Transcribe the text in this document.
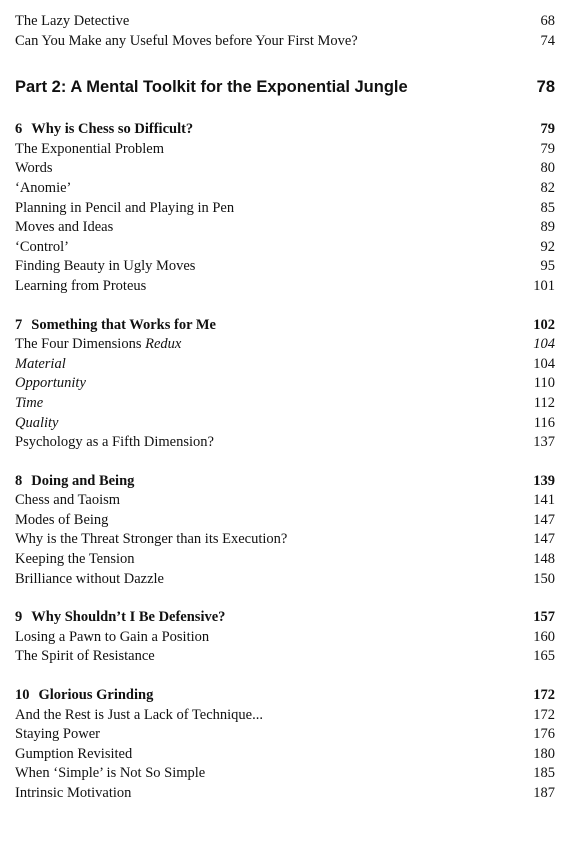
The Lazy Detective	68
Can You Make any Useful Moves before Your First Move?	74
Part 2: A Mental Toolkit for the Exponential Jungle	78
6 Why is Chess so Difficult?	79
The Exponential Problem	79
Words	80
‘Anomie’	82
Planning in Pencil and Playing in Pen	85
Moves and Ideas	89
‘Control’	92
Finding Beauty in Ugly Moves	95
Learning from Proteus	101
7 Something that Works for Me	102
The Four Dimensions Redux	104
Material	104
Opportunity	110
Time	112
Quality	116
Psychology as a Fifth Dimension?	137
8 Doing and Being	139
Chess and Taoism	141
Modes of Being	147
Why is the Threat Stronger than its Execution?	147
Keeping the Tension	148
Brilliance without Dazzle	150
9 Why Shouldn’t I Be Defensive?	157
Losing a Pawn to Gain a Position	160
The Spirit of Resistance	165
10 Glorious Grinding	172
And the Rest is Just a Lack of Technique...	172
Staying Power	176
Gumption Revisited	180
When ‘Simple’ is Not So Simple	185
Intrinsic Motivation	187
